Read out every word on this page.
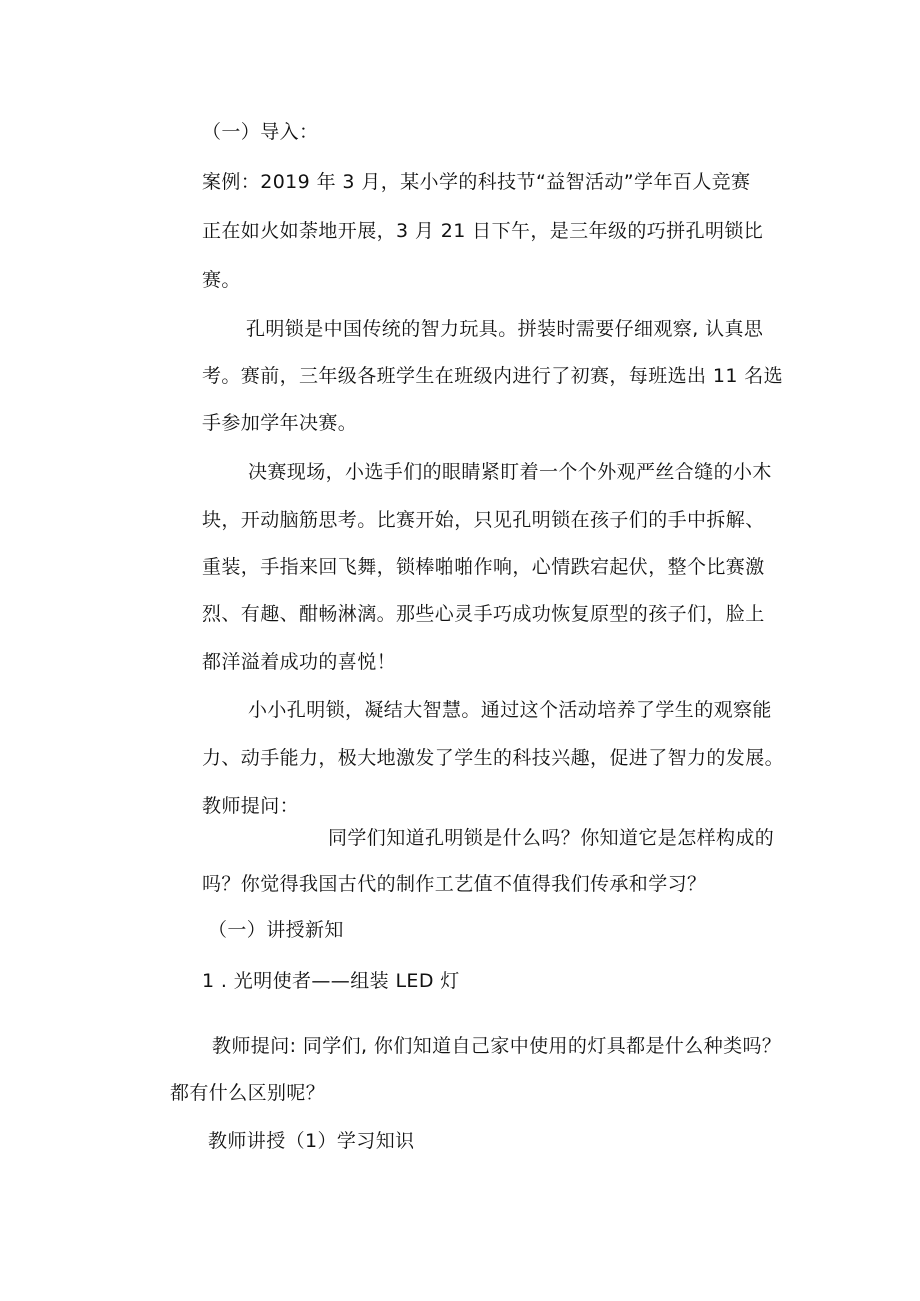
（一）导入：
案例：2019 年 3 月，某小学的科技节“益智活动”学年百人竞赛
正在如火如荼地开展，3 月 21 日下午，是三年级的巧拼孔明锁比
赛。
孔明锁是中国传统的智力玩具。拼装时需要仔细观察, 认真思
考。赛前，三年级各班学生在班级内进行了初赛，每班选出 11 名选
手参加学年决赛。
决赛现场，小选手们的眼睛紧盯着一个个外观严丝合缝的小木
块，开动脑筋思考。比赛开始，只见孔明锁在孩子们的手中拆解、
重装，手指来回飞舞，锁棒啪啪作响，心情跌宕起伏，整个比赛激
烈、有趣、酣畅淋漓。那些心灵手巧成功恢复原型的孩子们，脸上
都洋溢着成功的喜悦！
小小孔明锁，凝结大智慧。通过这个活动培养了学生的观察能
力、动手能力，极大地激发了学生的科技兴趣，促进了智力的发展。
教师提问：
同学们知道孔明锁是什么吗？你知道它是怎样构成的
吗？你觉得我国古代的制作工艺值不值得我们传承和学习？
（一）讲授新知
1 . 光明使者——组装 LED 灯
教师提问: 同学们, 你们知道自己家中使用的灯具都是什么种类吗？
都有什么区别呢？
教师讲授（1）学习知识
